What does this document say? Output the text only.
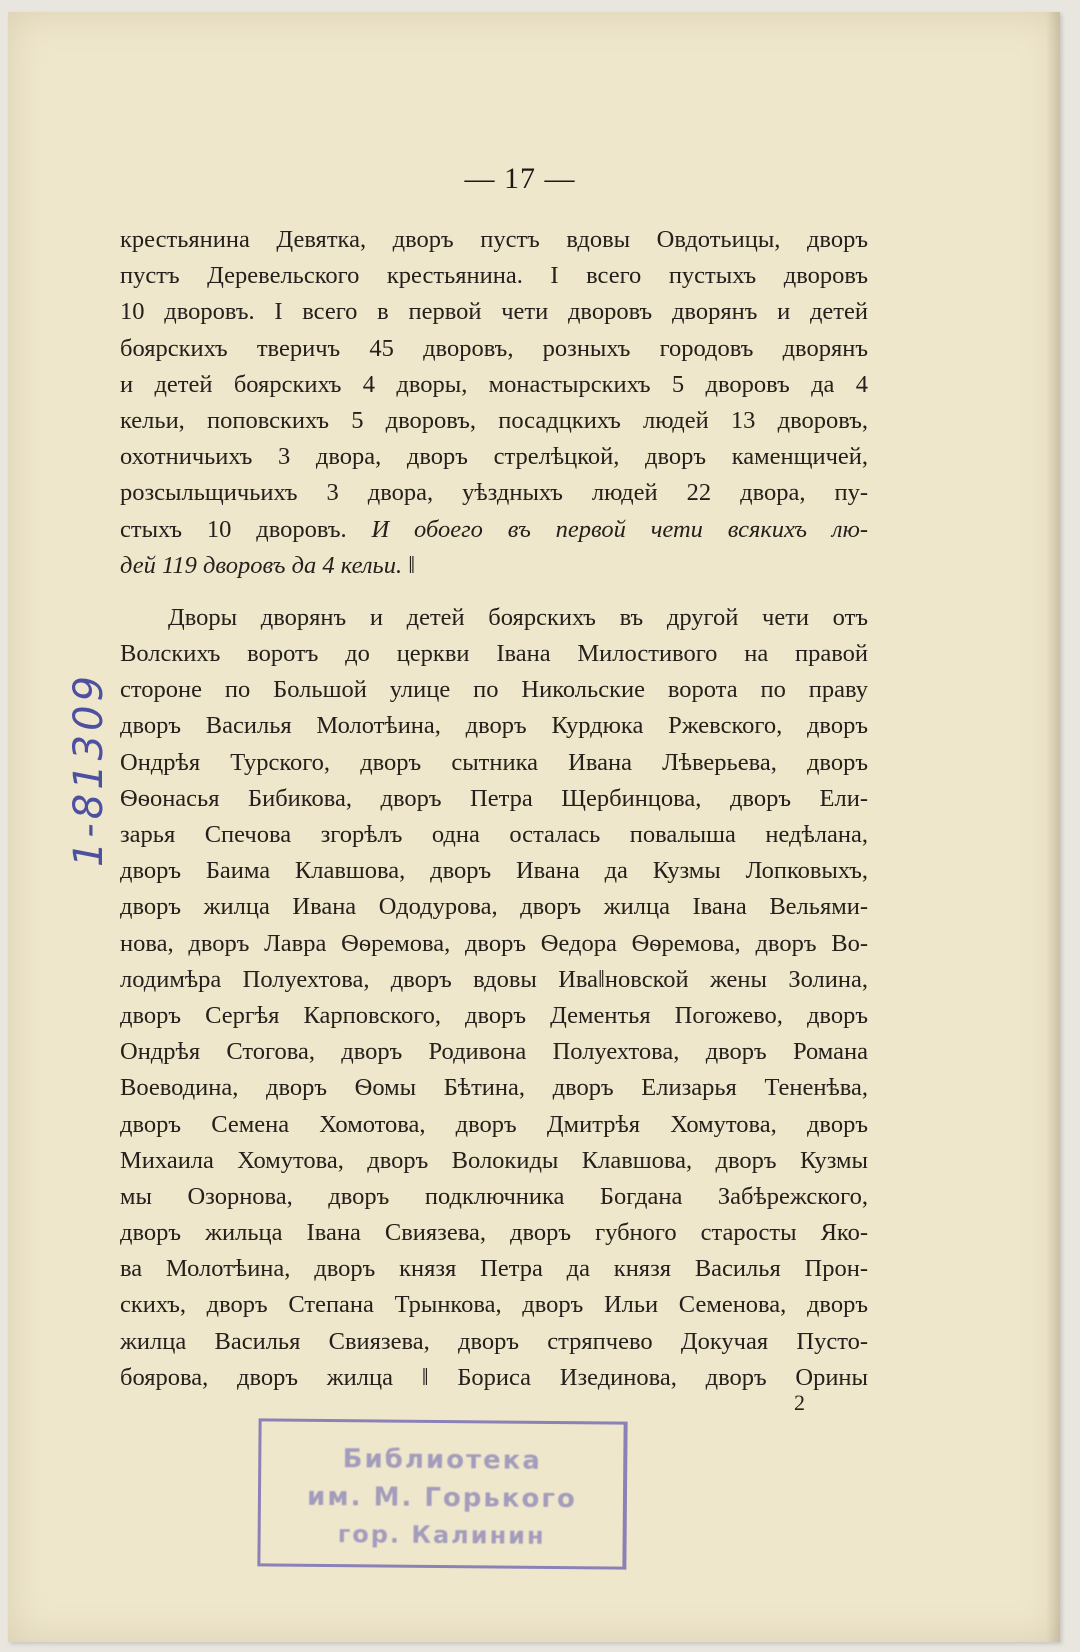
— 17 —
крестьянина Девятка, дворъ пустъ вдовы Овдотьицы, дворъ
пустъ Деревельского крестьянина. I всего пустыхъ дворовъ
10 дворовъ. I всего в первой чети дворовъ дворянъ и детей
боярскихъ тверичъ 45 дворовъ, розныхъ городовъ дворянъ
и детей боярскихъ 4 дворы, монастырскихъ 5 дворовъ да 4
кельи, поповскихъ 5 дворовъ, посадцкихъ людей 13 дворовъ,
охотничьихъ 3 двора, дворъ стрелѣцкой, дворъ каменщичей,
розсыльщичьихъ 3 двора, уѣздныхъ людей 22 двора, пу-
стыхъ 10 дворовъ. И обоего въ первой чети всякихъ лю-
дей 119 дворовъ да 4 кельи. ‖
Дворы дворянъ и детей боярскихъ въ другой чети отъ
Волскихъ воротъ до церкви Iвана Милостивого на правой
стороне по Большой улице по Никольские ворота по праву
дворъ Василья Молотѣина, дворъ Курдюка Ржевского, дворъ
Ондрѣя Турского, дворъ сытника Ивана Лѣверьева, дворъ
Ѳѳонасья Бибикова, дворъ Петра Щербинцова, дворъ Ели-
зарья Спечова згорѣлъ одна осталась повалыша недѣлана,
дворъ Баима Клавшова, дворъ Ивана да Кузмы Лопковыхъ,
дворъ жилца Ивана Ододурова, дворъ жилца Iвана Вельями-
нова, дворъ Лавра Ѳѳремова, дворъ Ѳедора Ѳѳремова, дворъ Во-
лодимѣра Полуехтова, дворъ вдовы Ива‖новской жены Золина,
дворъ Сергѣя Карповского, дворъ Дементья Погожево, дворъ
Ондрѣя Стогова, дворъ Родивона Полуехтова, дворъ Романа
Воеводина, дворъ Ѳомы Бѣтина, дворъ Елизарья Тененѣва,
дворъ Семена Хомотова, дворъ Дмитрѣя Хомутова, дворъ
Михаила Хомутова, дворъ Волокиды Клавшова, дворъ Кузмы
мы Озорнова, дворъ подключника Богдана Забѣрежского,
дворъ жильца Iвана Свиязева, дворъ губного старосты Яко-
ва Молотѣина, дворъ князя Петра да князя Василья Прон-
скихъ, дворъ Степана Трынкова, дворъ Ильи Семенова, дворъ
жилца Василья Свиязева, дворъ стряпчево Докучая Пусто-
боярова, дворъ жилца ‖ Бориса Изединова, дворъ Орины
1-81309
2
Библиотека
им. М. Горького
гор. Калинин
